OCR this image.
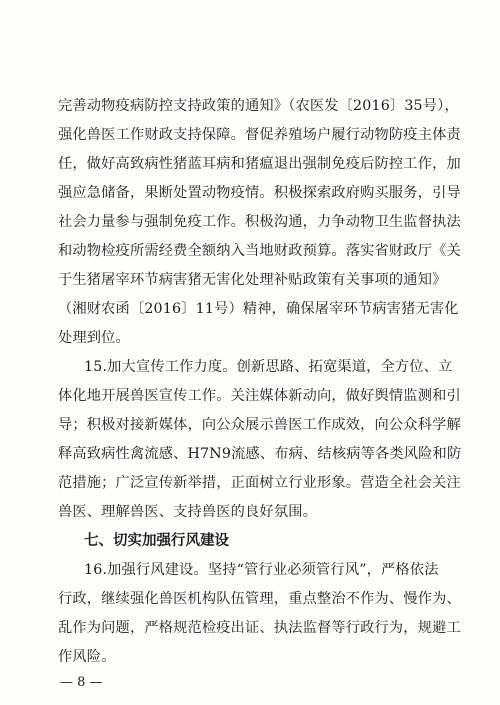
完善动物疫病防控支持政策的通知》（农医发〔2016〕35号），
强化兽医工作财政支持保障。督促养殖场户履行动物防疫主体责
任，做好高致病性猪蓝耳病和猪瘟退出强制免疫后防控工作，加
强应急储备，果断处置动物疫情。积极探索政府购买服务，引导
社会力量参与强制免疫工作。积极沟通，力争动物卫生监督执法
和动物检疫所需经费全额纳入当地财政预算。落实省财政厅《关
于生猪屠宰环节病害猪无害化处理补贴政策有关事项的通知》
（湘财农函〔2016〕11号）精神，确保屠宰环节病害猪无害化
处理到位。
15.加大宣传工作力度。创新思路、拓宽渠道，全方位、立
体化地开展兽医宣传工作。关注媒体新动向，做好舆情监测和引
导；积极对接新媒体，向公众展示兽医工作成效，向公众科学解
释高致病性禽流感、H7N9流感、布病、结核病等各类风险和防
范措施；广泛宣传新举措，正面树立行业形象。营造全社会关注
兽医、理解兽医、支持兽医的良好氛围。
七、切实加强行风建设
16.加强行风建设。坚持“管行业必须管行风”，严格依法
行政，继续强化兽医机构队伍管理，重点整治不作为、慢作为、
乱作为问题，严格规范检疫出证、执法监督等行政行为，规避工
作风险。
— 8 —
